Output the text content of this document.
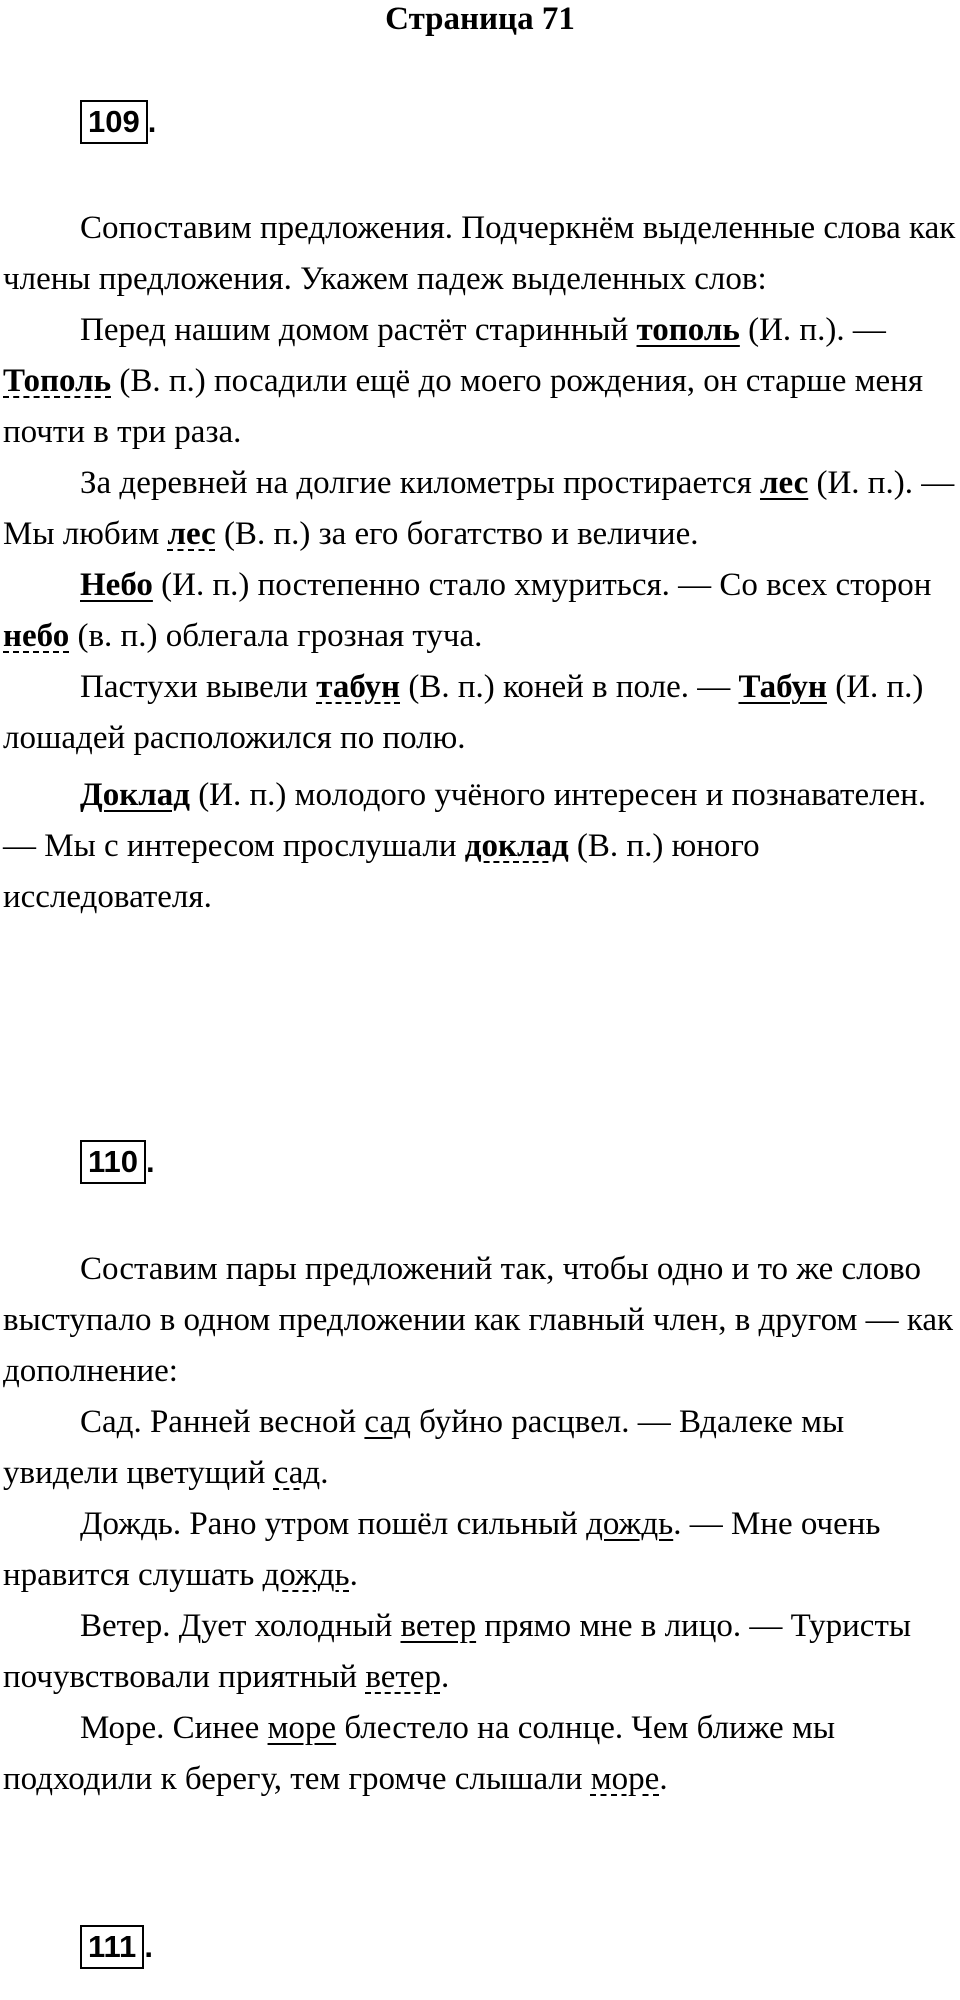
Страница 71
109 .

Сопоставим предложения. Подчеркнём выделенные слова как члены предложения. Укажем падеж выделенных слов:

Перед нашим домом растёт старинный тополь (И. п.). — Тополь (В. п.) посадили ещё до моего рождения, он старше меня почти в три раза.

За деревней на долгие километры простирается лес (И. п.). — Мы любим лес (В. п.) за его богатство и величие.

Небо (И. п.) постепенно стало хмуриться. — Со всех сторон небо (в. п.) облегала грозная туча.

Пастухи вывели табун (В. п.) коней в поле. — Табун (И. п.) лошадей расположился по полю.

Доклад (И. п.) молодого учёного интересен и познавателен. — Мы с интересом прослушали доклад (В. п.) юного исследователя.

110 .

Составим пары предложений так, чтобы одно и то же слово выступало в одном предложении как главный член, в другом — как дополнение:

Сад. Ранней весной сад буйно расцвел. — Вдалеке мы увидели цветущий сад.

Дождь. Рано утром пошёл сильный дождь. — Мне очень нравится слушать дождь.

Ветер. Дует холодный ветер прямо мне в лицо. — Туристы почувствовали приятный ветер.

Море. Синее море блестело на солнце. Чем ближе мы подходили к берегу, тем громче слышали море.

111 .
